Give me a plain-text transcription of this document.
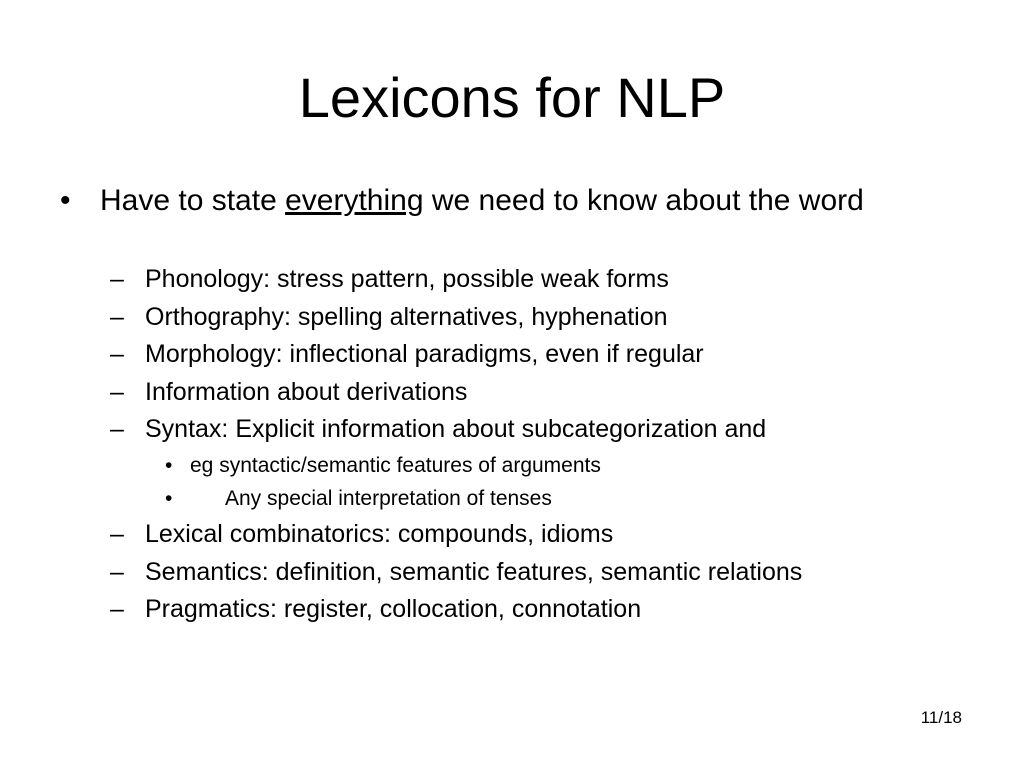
Lexicons for NLP
• Have to state everything we need to know about the word
– Phonology: stress pattern, possible weak forms
– Orthography: spelling alternatives, hyphenation
– Morphology: inflectional paradigms, even if regular
– Information about derivations
– Syntax: Explicit information about subcategorization and
• eg syntactic/semantic features of arguments
•	Any special interpretation of tenses
– Lexical combinatorics: compounds, idioms
– Semantics: definition, semantic features, semantic relations
– Pragmatics: register, collocation, connotation
11/18
